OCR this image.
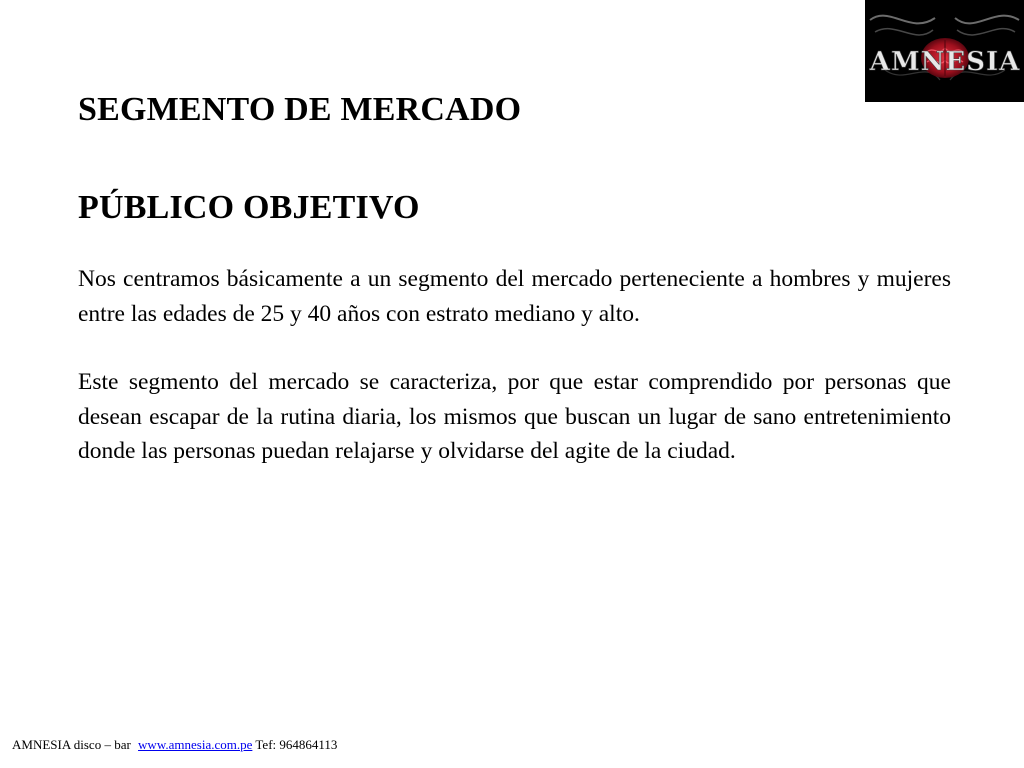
AMNESIA
SEGMENTO DE MERCADO
PÚBLICO OBJETIVO

Nos centramos básicamente a un segmento del mercado perteneciente a hombres y mujeres entre las edades de 25 y 40 años con estrato mediano y alto.

Este segmento del mercado se caracteriza, por que estar comprendido por personas que desean escapar de la rutina diaria, los mismos que buscan un lugar de sano entretenimiento donde las personas puedan relajarse y olvidarse del agite de la ciudad.

AMNESIA disco – bar www.amnesia.com.pe Tef: 964864113
